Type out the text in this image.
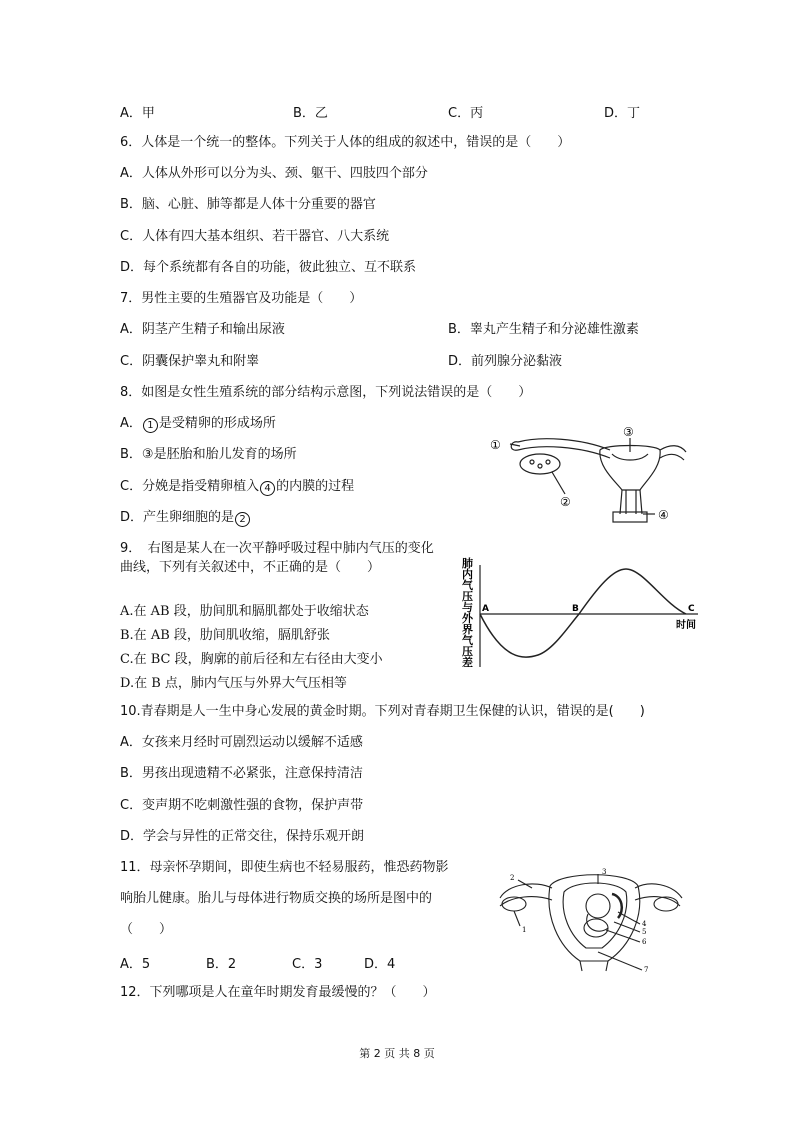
A．甲	B．乙	C．丙	D．丁
6．人体是一个统一的整体。下列关于人体的组成的叙述中，错误的是（　　）
A．人体从外形可以分为头、颈、躯干、四肢四个部分
B．脑、心脏、肺等都是人体十分重要的器官
C．人体有四大基本组织、若干器官、八大系统
D．每个系统都有各自的功能，彼此独立、互不联系
7．男性主要的生殖器官及功能是（　　）
A．阴茎产生精子和输出尿液	B．睾丸产生精子和分泌雄性激素
C．阴囊保护睾丸和附睾	D．前列腺分泌黏液
8．如图是女性生殖系统的部分结构示意图，下列说法错误的是（　　）
A． 1 是受精卵的形成场所
B．③是胚胎和胎儿发育的场所
C．分娩是指受精卵植入 4 的内膜的过程
D．产生卵细胞的是 2
①
②
③
④
9．　右图是某人在一次平静呼吸过程中肺内气压的变化
曲线，下列有关叙述中，不正确的是（　　）
A.在 AB 段，肋间肌和膈肌都处于收缩状态
B.在 AB 段，肋间肌收缩，膈肌舒张
C.在 BC 段，胸廓的前后径和左右径由大变小
D.在 B 点，肺内气压与外界大气压相等
肺内气压与外界气压差
A	B	C
时间
10.青春期是人一生中身心发展的黄金时期。下列对青春期卫生保健的认识，错误的是(　　)
A．女孩来月经时可剧烈运动以缓解不适感
B．男孩出现遗精不必紧张，注意保持清洁
C．变声期不吃刺激性强的食物，保护声带
D．学会与异性的正常交往，保持乐观开朗
11．母亲怀孕期间，即使生病也不轻易服药，惟恐药物影
响胎儿健康。胎儿与母体进行物质交换的场所是图中的
（　　）
A．5	B．2	C．3	D．4
1
2
3
4
5
6
7
12．下列哪项是人在童年时期发育最缓慢的？（　　）
第 2 页 共 8 页
